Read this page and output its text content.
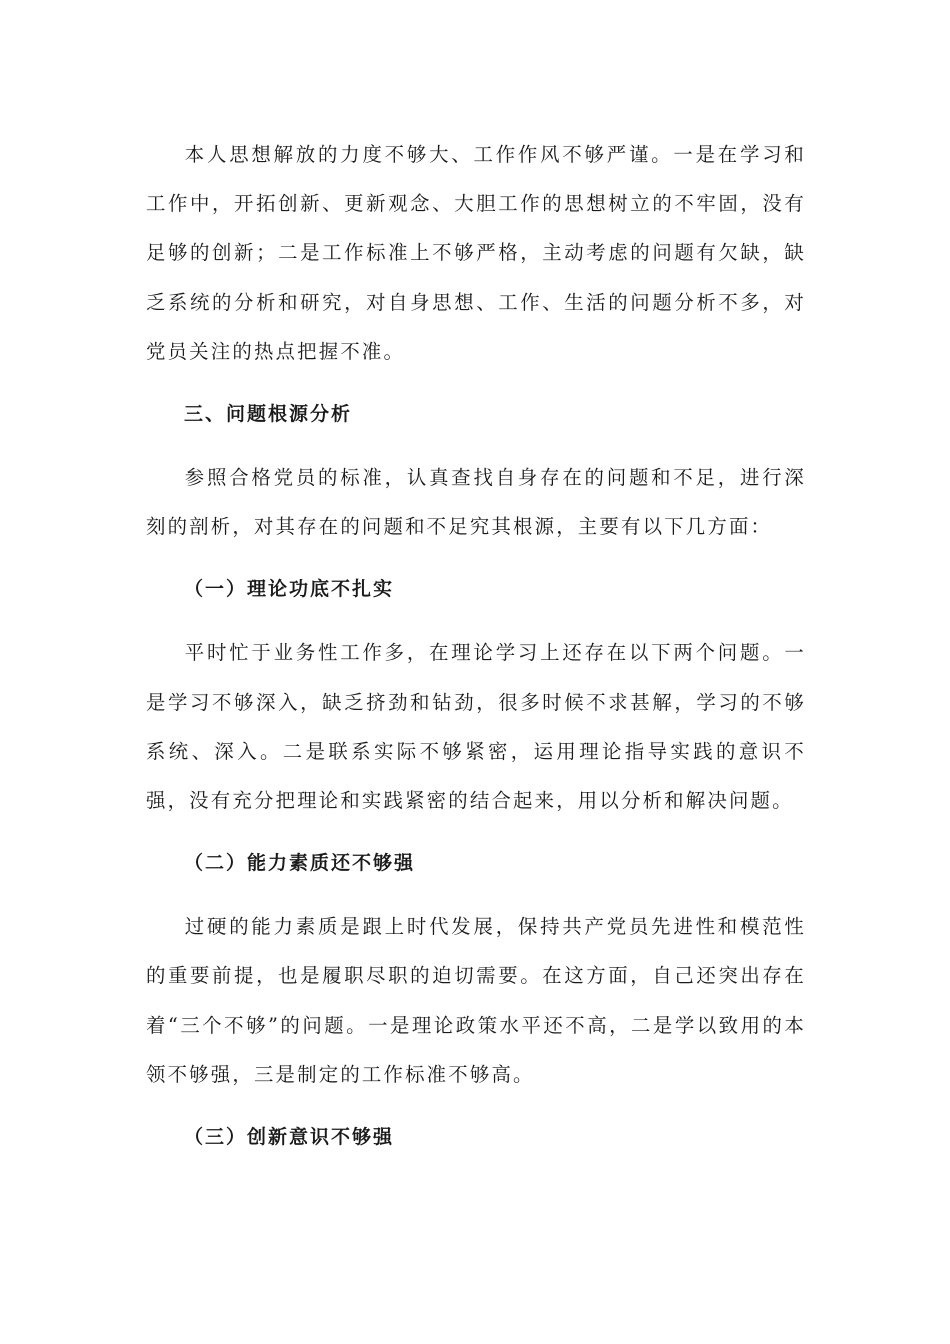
本人思想解放的力度不够大、工作作风不够严谨。一是在学习和工作中，开拓创新、更新观念、大胆工作的思想树立的不牢固，没有足够的创新；二是工作标准上不够严格，主动考虑的问题有欠缺，缺乏系统的分析和研究，对自身思想、工作、生活的问题分析不多，对党员关注的热点把握不准。

三、问题根源分析

参照合格党员的标准，认真查找自身存在的问题和不足，进行深刻的剖析，对其存在的问题和不足究其根源，主要有以下几方面：

（一）理论功底不扎实

平时忙于业务性工作多，在理论学习上还存在以下两个问题。一是学习不够深入，缺乏挤劲和钻劲，很多时候不求甚解，学习的不够系统、深入。二是联系实际不够紧密，运用理论指导实践的意识不强，没有充分把理论和实践紧密的结合起来，用以分析和解决问题。

（二）能力素质还不够强

过硬的能力素质是跟上时代发展，保持共产党员先进性和模范性的重要前提，也是履职尽职的迫切需要。在这方面，自己还突出存在着“三个不够”的问题。一是理论政策水平还不高，二是学以致用的本领不够强，三是制定的工作标准不够高。

（三）创新意识不够强
